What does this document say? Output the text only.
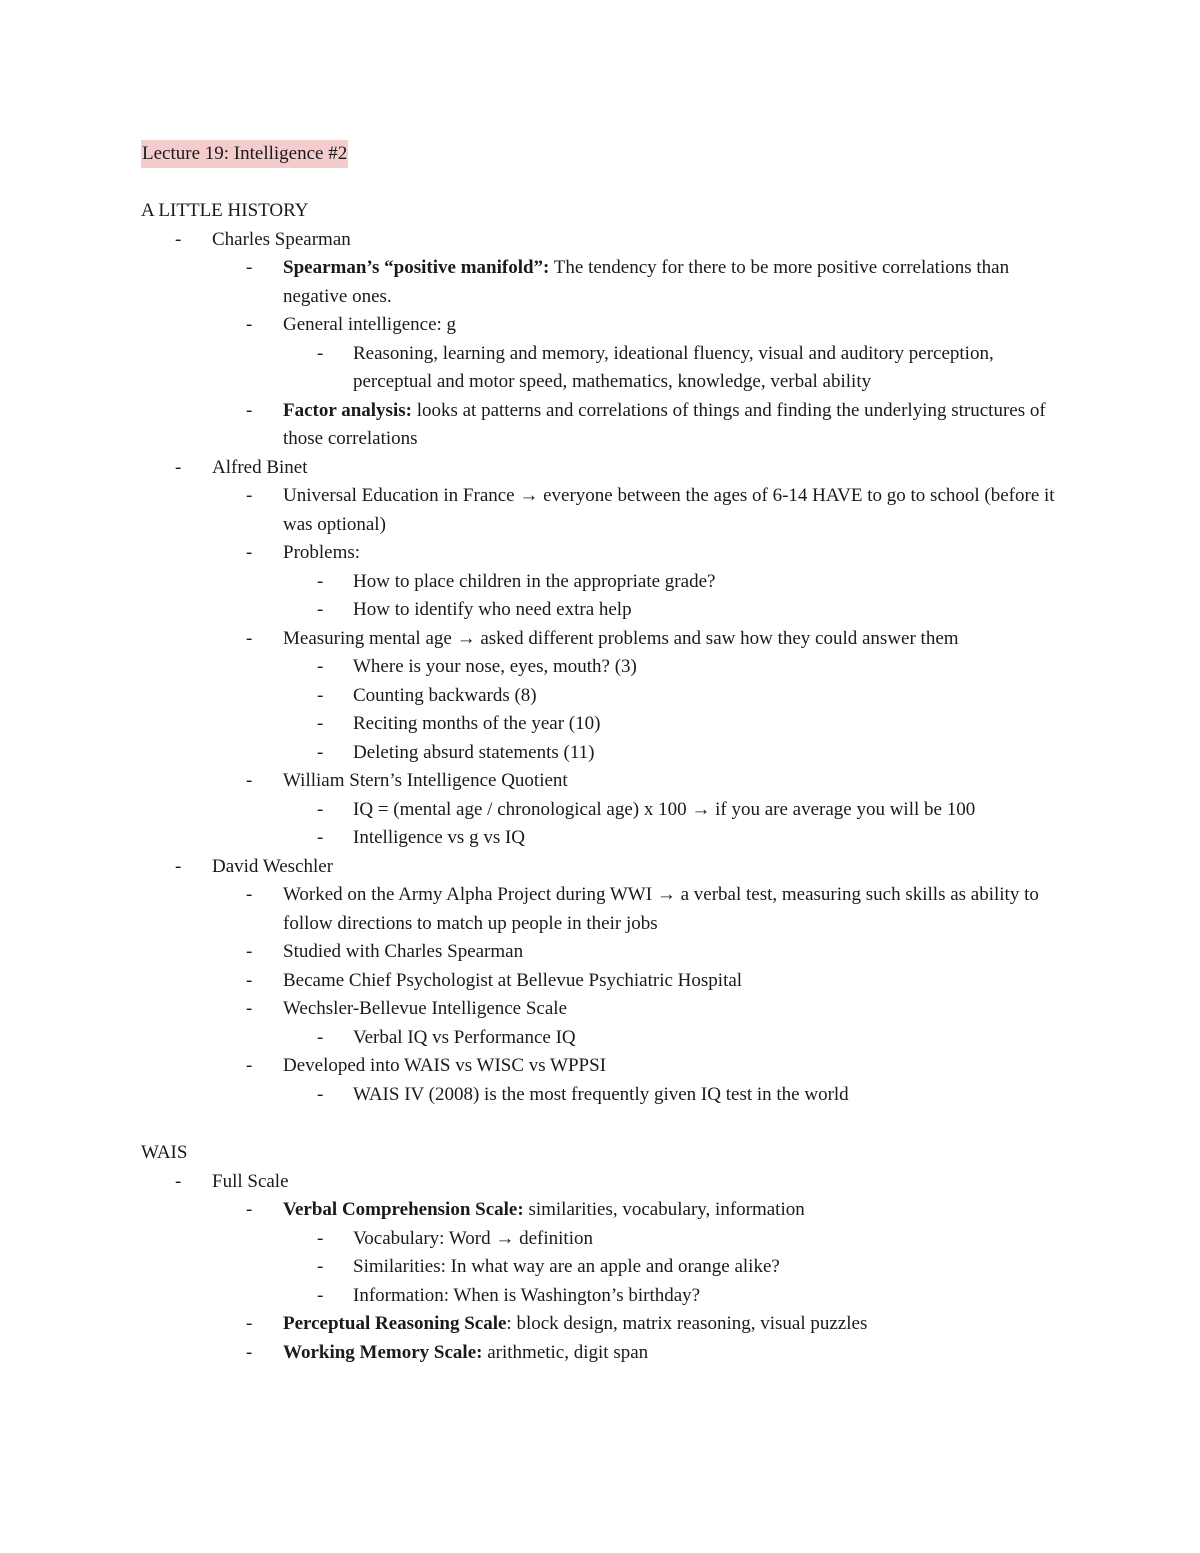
Lecture 19: Intelligence #2
A LITTLE HISTORY
- Charles Spearman
- Spearman’s “positive manifold”: The tendency for there to be more positive correlations than negative ones.
- General intelligence: g
- Reasoning, learning and memory, ideational fluency, visual and auditory perception, perceptual and motor speed, mathematics, knowledge, verbal ability
- Factor analysis: looks at patterns and correlations of things and finding the underlying structures of those correlations
- Alfred Binet
- Universal Education in France → everyone between the ages of 6-14 HAVE to go to school (before it was optional)
- Problems:
- How to place children in the appropriate grade?
- How to identify who need extra help
- Measuring mental age → asked different problems and saw how they could answer them
- Where is your nose, eyes, mouth? (3)
- Counting backwards (8)
- Reciting months of the year (10)
- Deleting absurd statements (11)
- William Stern’s Intelligence Quotient
- IQ = (mental age / chronological age) x 100 → if you are average you will be 100
- Intelligence vs g vs IQ
- David Weschler
- Worked on the Army Alpha Project during WWI → a verbal test, measuring such skills as ability to follow directions to match up people in their jobs
- Studied with Charles Spearman
- Became Chief Psychologist at Bellevue Psychiatric Hospital
- Wechsler-Bellevue Intelligence Scale
- Verbal IQ vs Performance IQ
- Developed into WAIS vs WISC vs WPPSI
- WAIS IV (2008) is the most frequently given IQ test in the world
WAIS
- Full Scale
- Verbal Comprehension Scale: similarities, vocabulary, information
- Vocabulary: Word → definition
- Similarities: In what way are an apple and orange alike?
- Information: When is Washington’s birthday?
- Perceptual Reasoning Scale: block design, matrix reasoning, visual puzzles
- Working Memory Scale: arithmetic, digit span
